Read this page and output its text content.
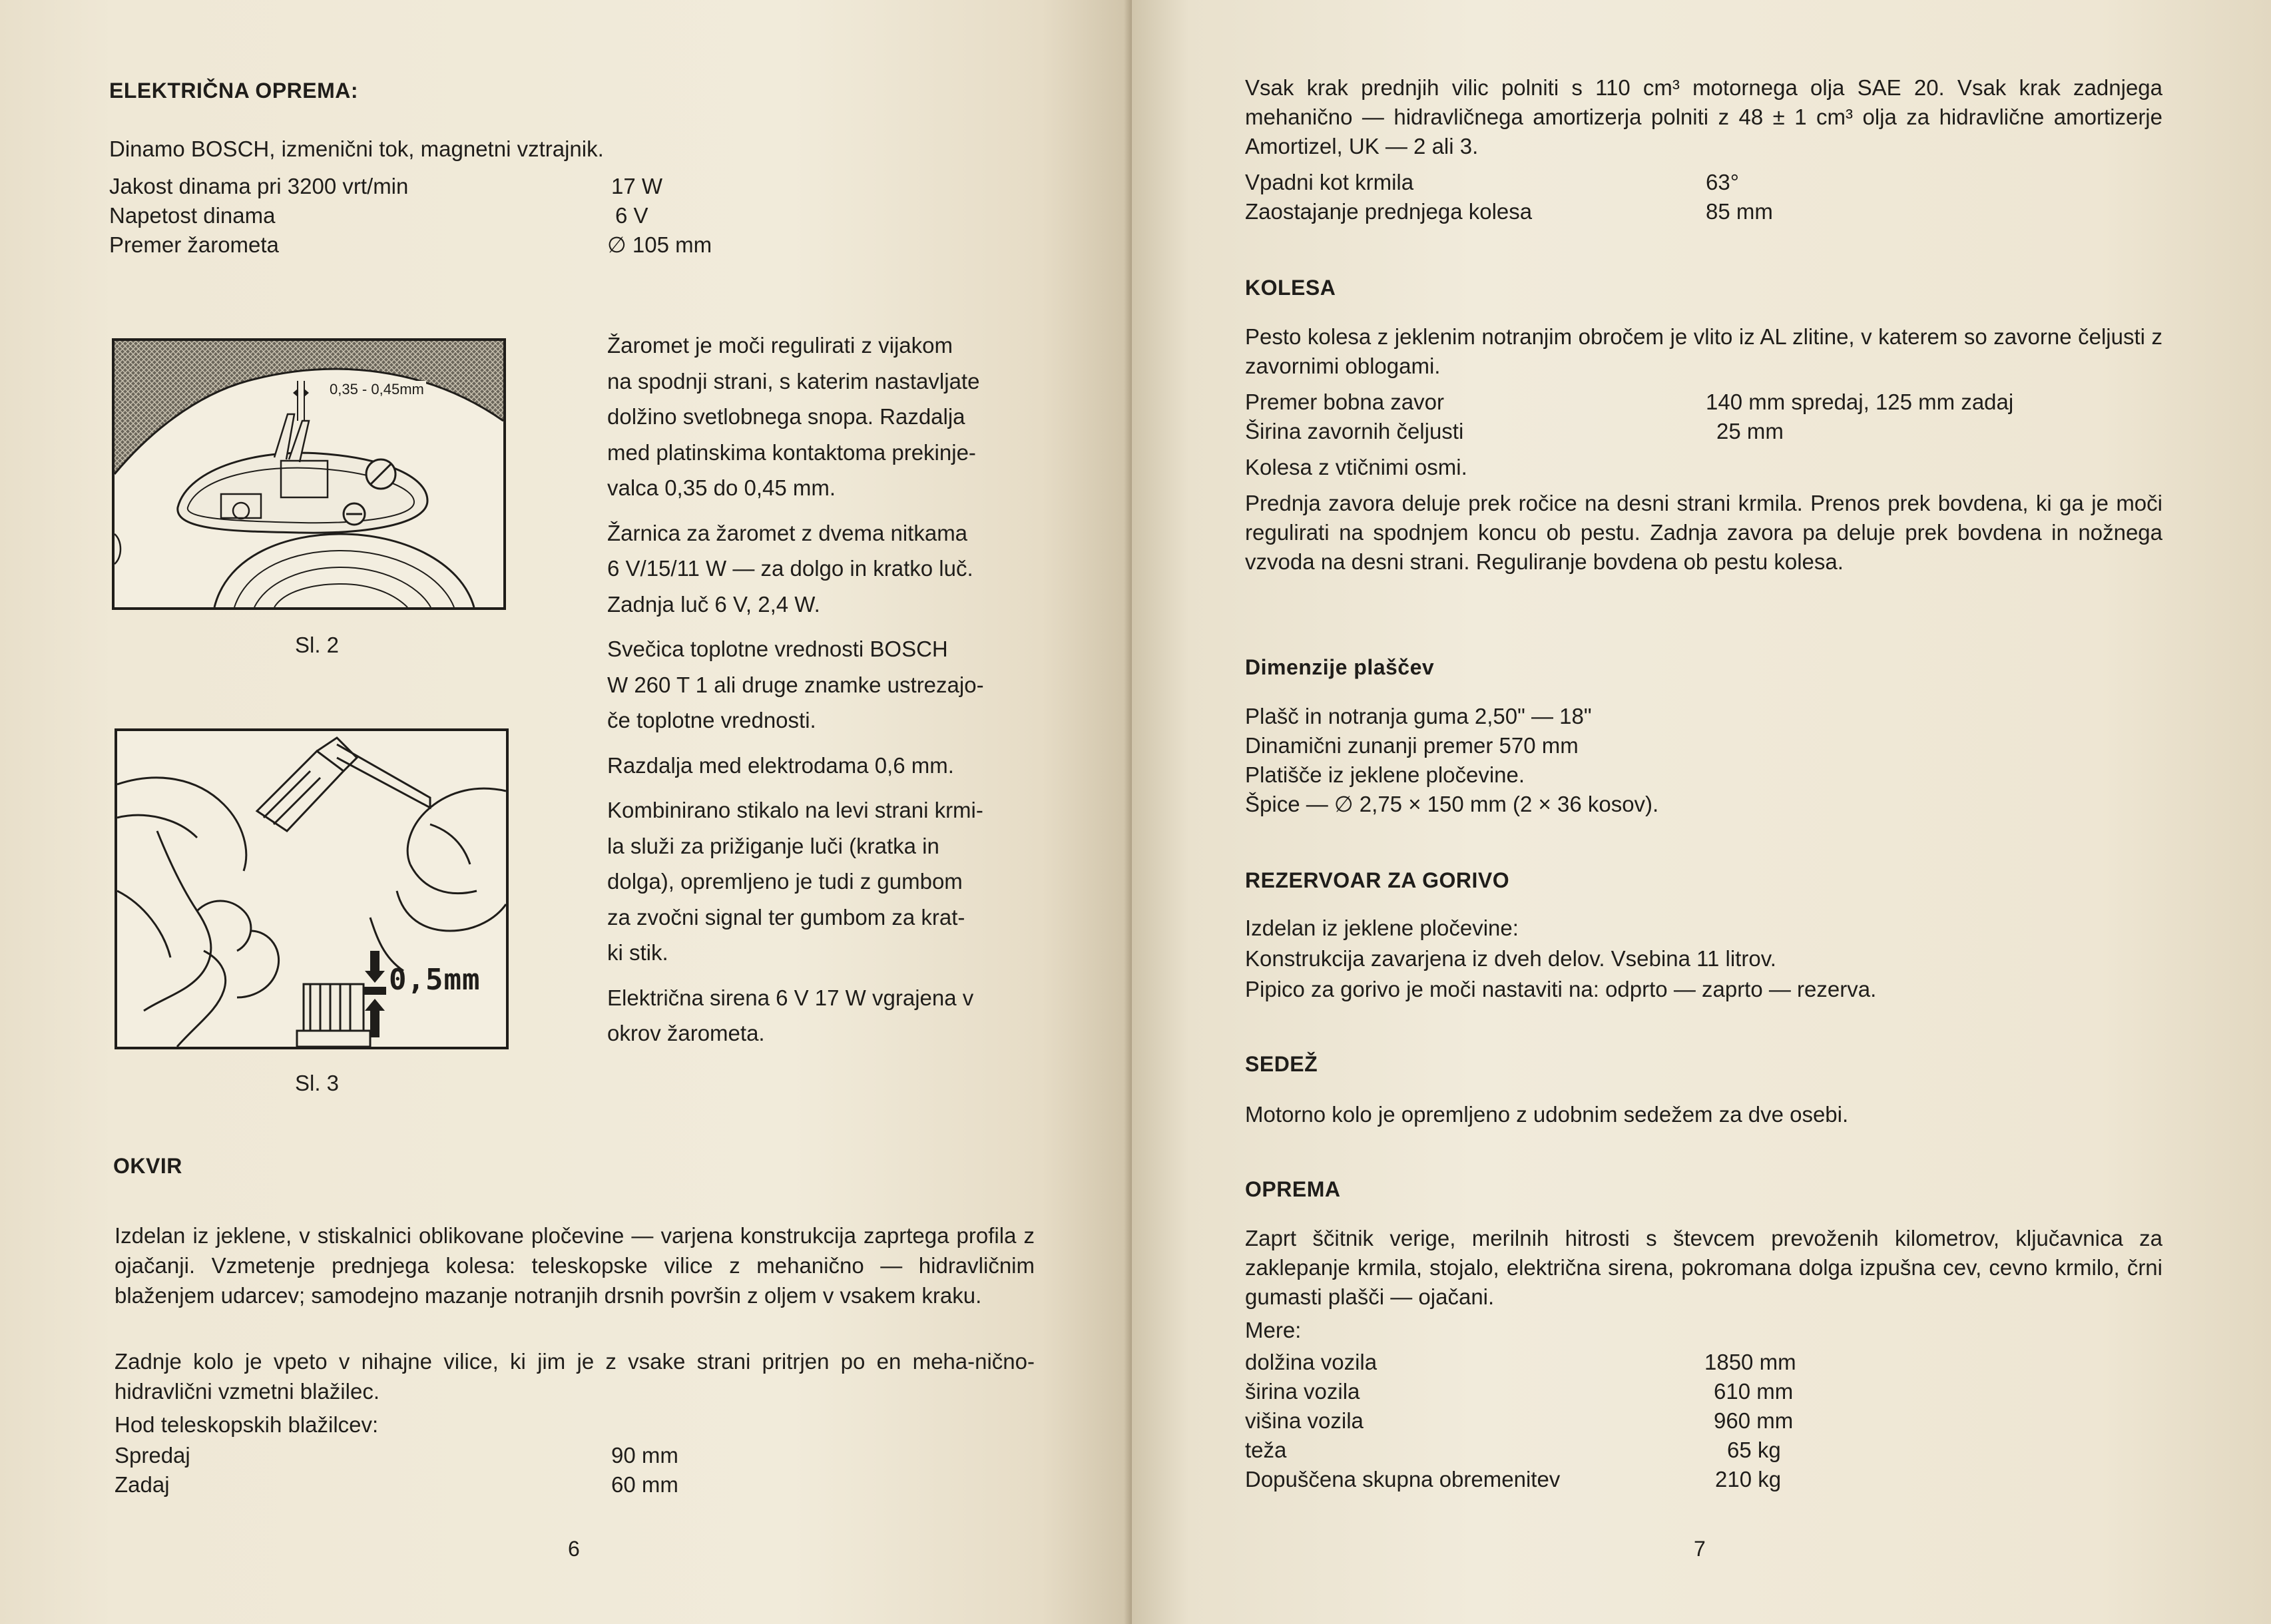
ELEKTRIČNA OPREMA:
Dinamo BOSCH, izmenični tok, magnetni vztrajnik.
Jakost dinama pri 3200 vrt/min	17 W
Napetost dinama	6 V
Premer žarometa	∅ 105 mm
0,35 - 0,45mm
Sl. 2
Žaromet je moči regulirati z vijakom
na spodnji strani, s katerim nastavljate
dolžino svetlobnega snopa. Razdalja
med platinskima kontaktoma prekinje-
valca 0,35 do 0,45 mm.
Žarnica za žaromet z dvema nitkama
6 V/15/11 W — za dolgo in kratko luč.
Zadnja luč 6 V, 2,4 W.
Svečica toplotne vrednosti BOSCH
W 260 T 1 ali druge znamke ustrezajo-
če toplotne vrednosti.
Razdalja med elektrodama 0,6 mm.
Kombinirano stikalo na levi strani krmi-
la služi za prižiganje luči (kratka in
dolga), opremljeno je tudi z gumbom
za zvočni signal ter gumbom za krat-
ki stik.
Električna sirena 6 V 17 W vgrajena v
okrov žarometa.
0,5mm
Sl. 3
OKVIR
Izdelan iz jeklene, v stiskalnici oblikovane pločevine — varjena konstrukcija zaprtega profila z ojačanji. Vzmetenje prednjega kolesa: teleskopske vilice z mehanično — hidravličnim blaženjem udarcev; samodejno mazanje notranjih drsnih površin z oljem v vsakem kraku.
Zadnje kolo je vpeto v nihajne vilice, ki jim je z vsake strani pritrjen po en meha-nično-hidravlični vzmetni blažilec.
Hod teleskopskih blažilcev:
Spredaj	90 mm
Zadaj	60 mm
6
Vsak krak prednjih vilic polniti s 110 cm³ motornega olja SAE 20. Vsak krak zadnjega mehanično — hidravličnega amortizerja polniti z 48 ± 1 cm³ olja za hidravlične amortizerje Amortizel, UK — 2 ali 3.
Vpadni kot krmila	63°
Zaostajanje prednjega kolesa	85 mm
KOLESA
Pesto kolesa z jeklenim notranjim obročem je vlito iz AL zlitine, v katerem so zavorne čeljusti z zavornimi oblogami.
Premer bobna zavor	140 mm spredaj, 125 mm zadaj
Širina zavornih čeljusti	25 mm
Kolesa z vtičnimi osmi.
Prednja zavora deluje prek ročice na desni strani krmila. Prenos prek bovdena, ki ga je moči regulirati na spodnjem koncu ob pestu. Zadnja zavora pa deluje prek bovdena in nožnega vzvoda na desni strani. Reguliranje bovdena ob pestu kolesa.
Dimenzije plaščev
Plašč in notranja guma 2,50" — 18"
Dinamični zunanji premer 570 mm
Platišče iz jeklene pločevine.
Špice — ∅ 2,75 × 150 mm (2 × 36 kosov).
REZERVOAR ZA GORIVO
Izdelan iz jeklene pločevine:
Konstrukcija zavarjena iz dveh delov. Vsebina 11 litrov.
Pipico za gorivo je moči nastaviti na: odprto — zaprto — rezerva.
SEDEŽ
Motorno kolo je opremljeno z udobnim sedežem za dve osebi.
OPREMA
Zaprt ščitnik verige, merilnih hitrosti s števcem prevoženih kilometrov, ključavnica za zaklepanje krmila, stojalo, električna sirena, pokromana dolga izpušna cev, cevno krmilo, črni gumasti plašči — ojačani.
Mere:
dolžina vozila	1850 mm
širina vozila	610 mm
višina vozila	960 mm
teža	65 kg
Dopuščena skupna obremenitev	210 kg
7
